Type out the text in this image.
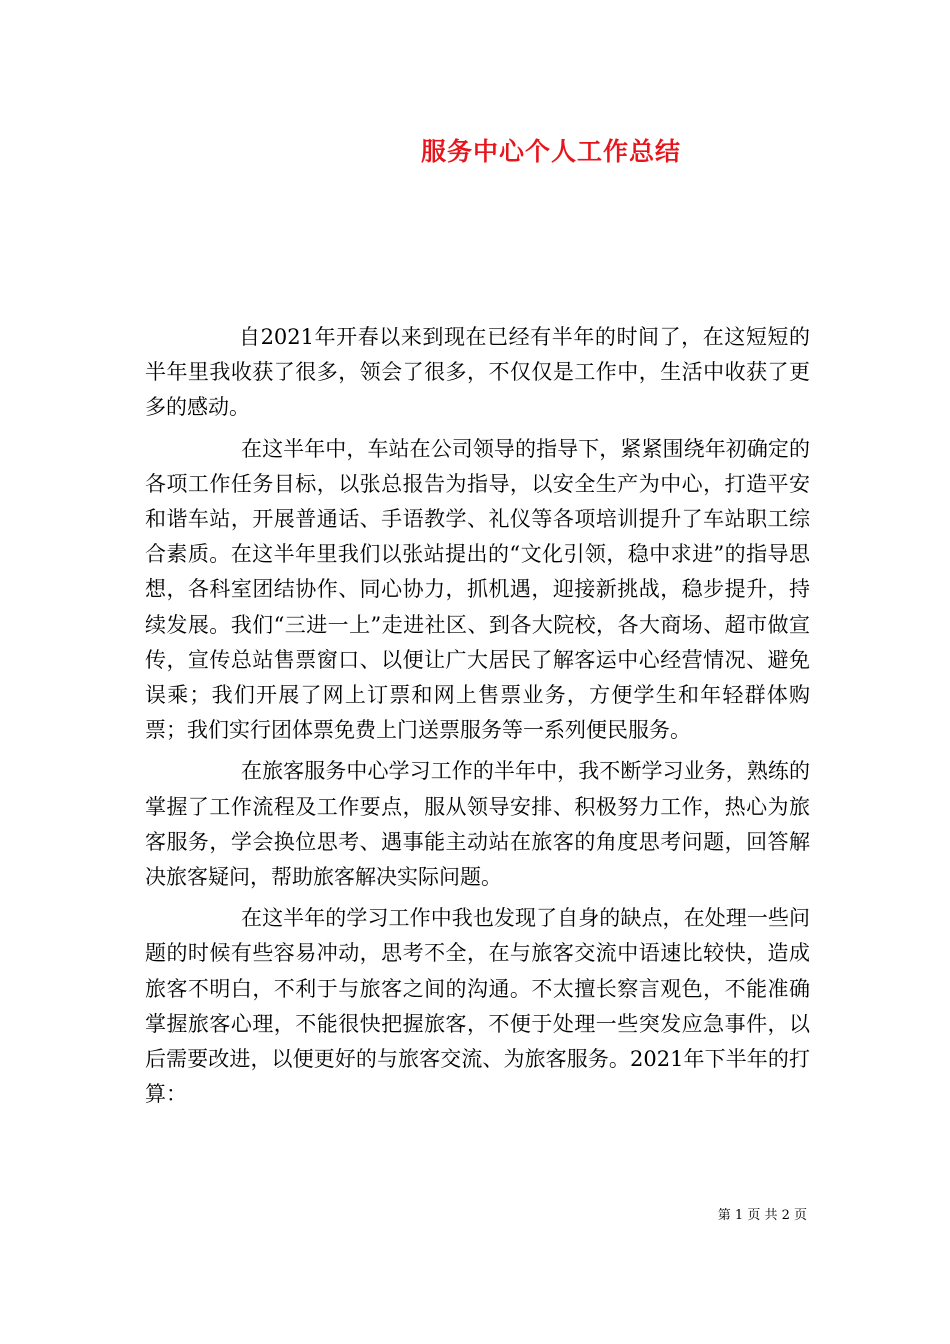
服务中心个人工作总结

自2021年开春以来到现在已经有半年的时间了，在这短短的半年里我收获了很多，领会了很多，不仅仅是工作中，生活中收获了更多的感动。

在这半年中，车站在公司领导的指导下，紧紧围绕年初确定的各项工作任务目标，以张总报告为指导，以安全生产为中心，打造平安和谐车站，开展普通话、手语教学、礼仪等各项培训提升了车站职工综合素质。在这半年里我们以张站提出的“文化引领，稳中求进”的指导思想，各科室团结协作、同心协力，抓机遇，迎接新挑战，稳步提升，持续发展。我们“三进一上”走进社区、到各大院校，各大商场、超市做宣传，宣传总站售票窗口、以便让广大居民了解客运中心经营情况、避免误乘；我们开展了网上订票和网上售票业务，方便学生和年轻群体购票；我们实行团体票免费上门送票服务等一系列便民服务。

在旅客服务中心学习工作的半年中，我不断学习业务，熟练的掌握了工作流程及工作要点，服从领导安排、积极努力工作，热心为旅客服务，学会换位思考、遇事能主动站在旅客的角度思考问题，回答解决旅客疑问，帮助旅客解决实际问题。

在这半年的学习工作中我也发现了自身的缺点，在处理一些问题的时候有些容易冲动，思考不全，在与旅客交流中语速比较快，造成旅客不明白，不利于与旅客之间的沟通。不太擅长察言观色，不能准确掌握旅客心理，不能很快把握旅客，不便于处理一些突发应急事件，以后需要改进，以便更好的与旅客交流、为旅客服务。2021年下半年的打算：

第 1 页 共 2 页
